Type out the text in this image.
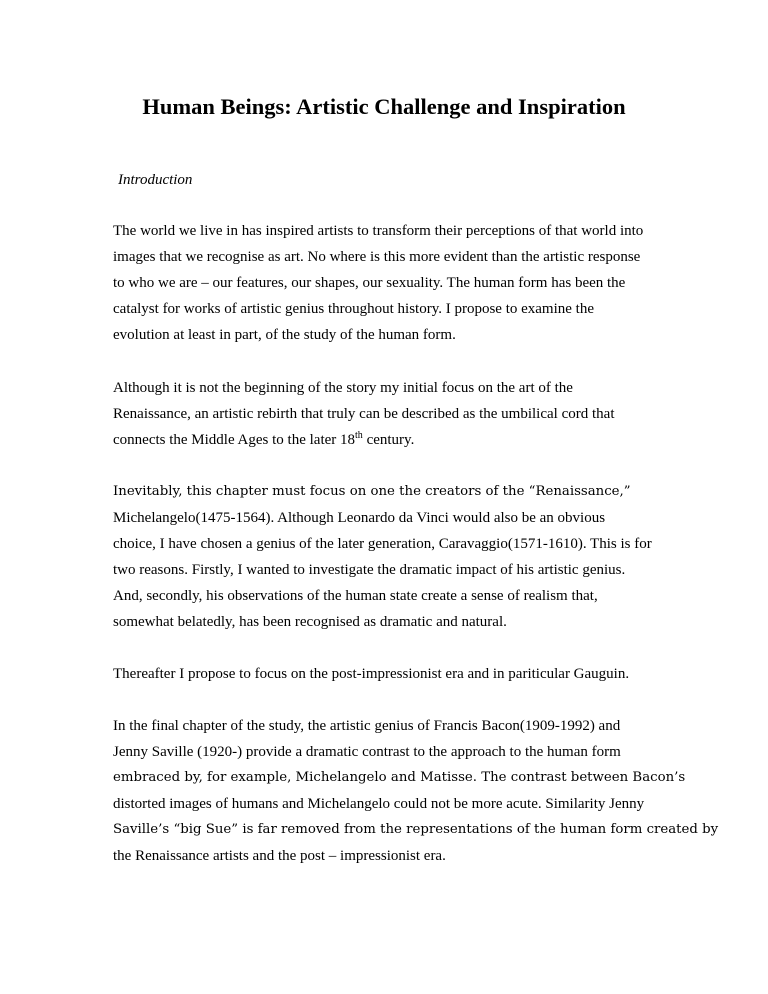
Human Beings: Artistic Challenge and Inspiration

Introduction

The world we live in has inspired artists to transform their perceptions of that world into
images that we recognise as art. No where is this more evident than the artistic response
to who we are – our features, our shapes, our sexuality. The human form has been the
catalyst for works of artistic genius throughout history. I propose to examine the
evolution at least in part, of the study of the human form.

Although it is not the beginning of the story my initial focus on the art of the
Renaissance, an artistic rebirth that truly can be described as the umbilical cord that
connects the Middle Ages to the later 18th century.

Inevitably, this chapter must focus on one the creators of the “Renaissance,”
Michelangelo(1475-1564). Although Leonardo da Vinci would also be an obvious
choice, I have chosen a genius of the later generation, Caravaggio(1571-1610). This is for
two reasons. Firstly, I wanted to investigate the dramatic impact of his artistic genius.
And, secondly, his observations of the human state create a sense of realism that,
somewhat belatedly, has been recognised as dramatic and natural.

Thereafter I propose to focus on the post-impressionist era and in pariticular Gauguin.

In the final chapter of the study, the artistic genius of Francis Bacon(1909-1992) and
Jenny Saville (1920-) provide a dramatic contrast to the approach to the human form
embraced by, for example, Michelangelo and Matisse. The contrast between Bacon’s
distorted images of humans and Michelangelo could not be more acute. Similarity Jenny
Saville’s “big Sue” is far removed from the representations of the human form created by
the Renaissance artists and the post – impressionist era.
